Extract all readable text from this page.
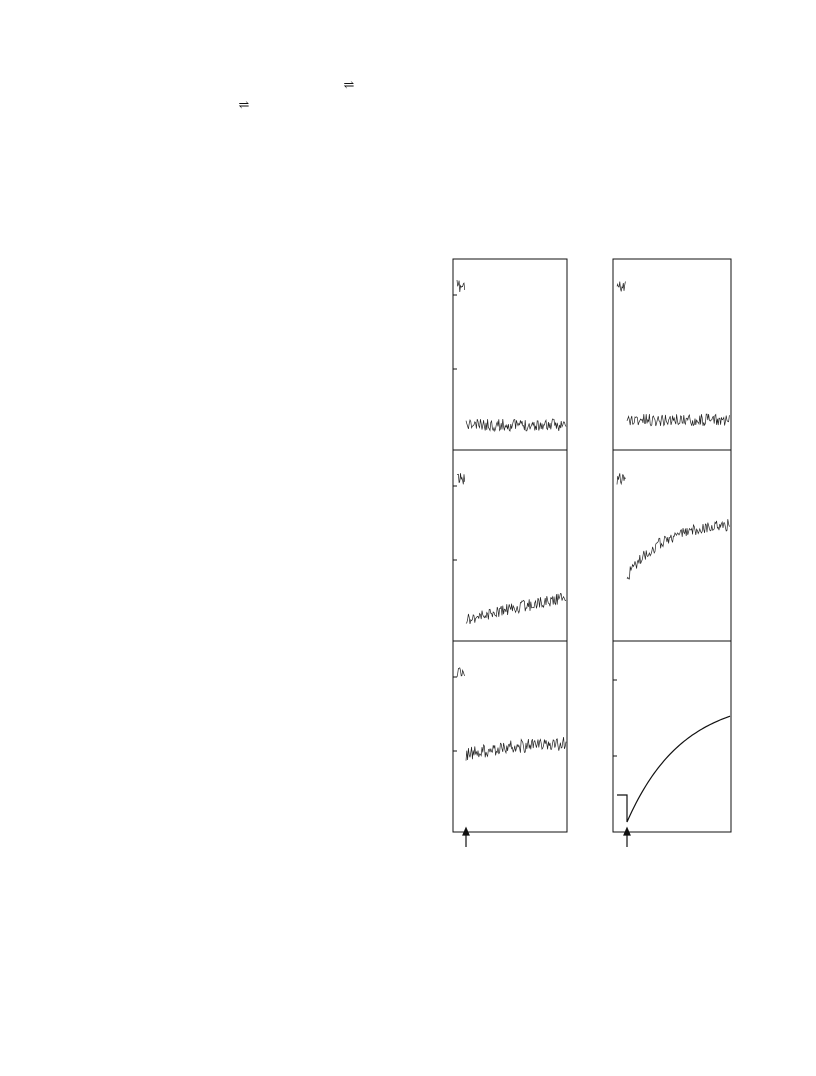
⇌
⇌
